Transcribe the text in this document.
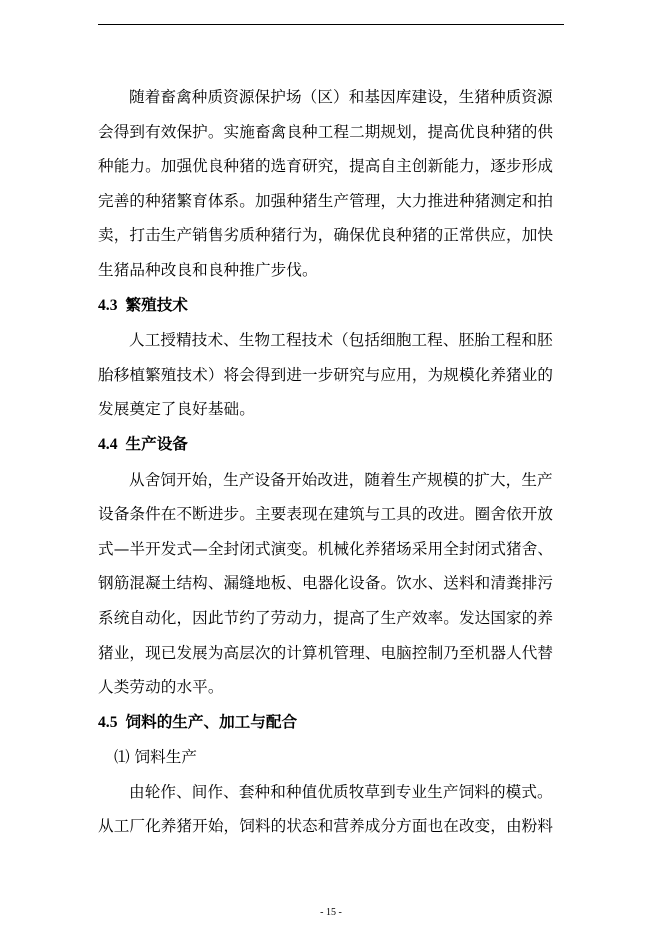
随着畜禽种质资源保护场（区）和基因库建设，生猪种质资源
会得到有效保护。实施畜禽良种工程二期规划，提高优良种猪的供
种能力。加强优良种猪的选育研究，提高自主创新能力，逐步形成
完善的种猪繁育体系。加强种猪生产管理，大力推进种猪测定和拍
卖，打击生产销售劣质种猪行为，确保优良种猪的正常供应，加快
生猪品种改良和良种推广步伐。
4.3 繁殖技术
人工授精技术、生物工程技术（包括细胞工程、胚胎工程和胚
胎移植繁殖技术）将会得到进一步研究与应用，为规模化养猪业的
发展奠定了良好基础。
4.4 生产设备
从舍饲开始，生产设备开始改进，随着生产规模的扩大，生产
设备条件在不断进步。主要表现在建筑与工具的改进。圈舍依开放
式—半开发式—全封闭式演变。机械化养猪场采用全封闭式猪舍、
钢筋混凝土结构、漏缝地板、电器化设备。饮水、送料和清粪排污
系统自动化，因此节约了劳动力，提高了生产效率。发达国家的养
猪业，现已发展为高层次的计算机管理、电脑控制乃至机器人代替
人类劳动的水平。
4.5 饲料的生产、加工与配合
⑴ 饲料生产
由轮作、间作、套种和种值优质牧草到专业生产饲料的模式。
从工厂化养猪开始，饲料的状态和营养成分方面也在改变，由粉料
- 15 -
